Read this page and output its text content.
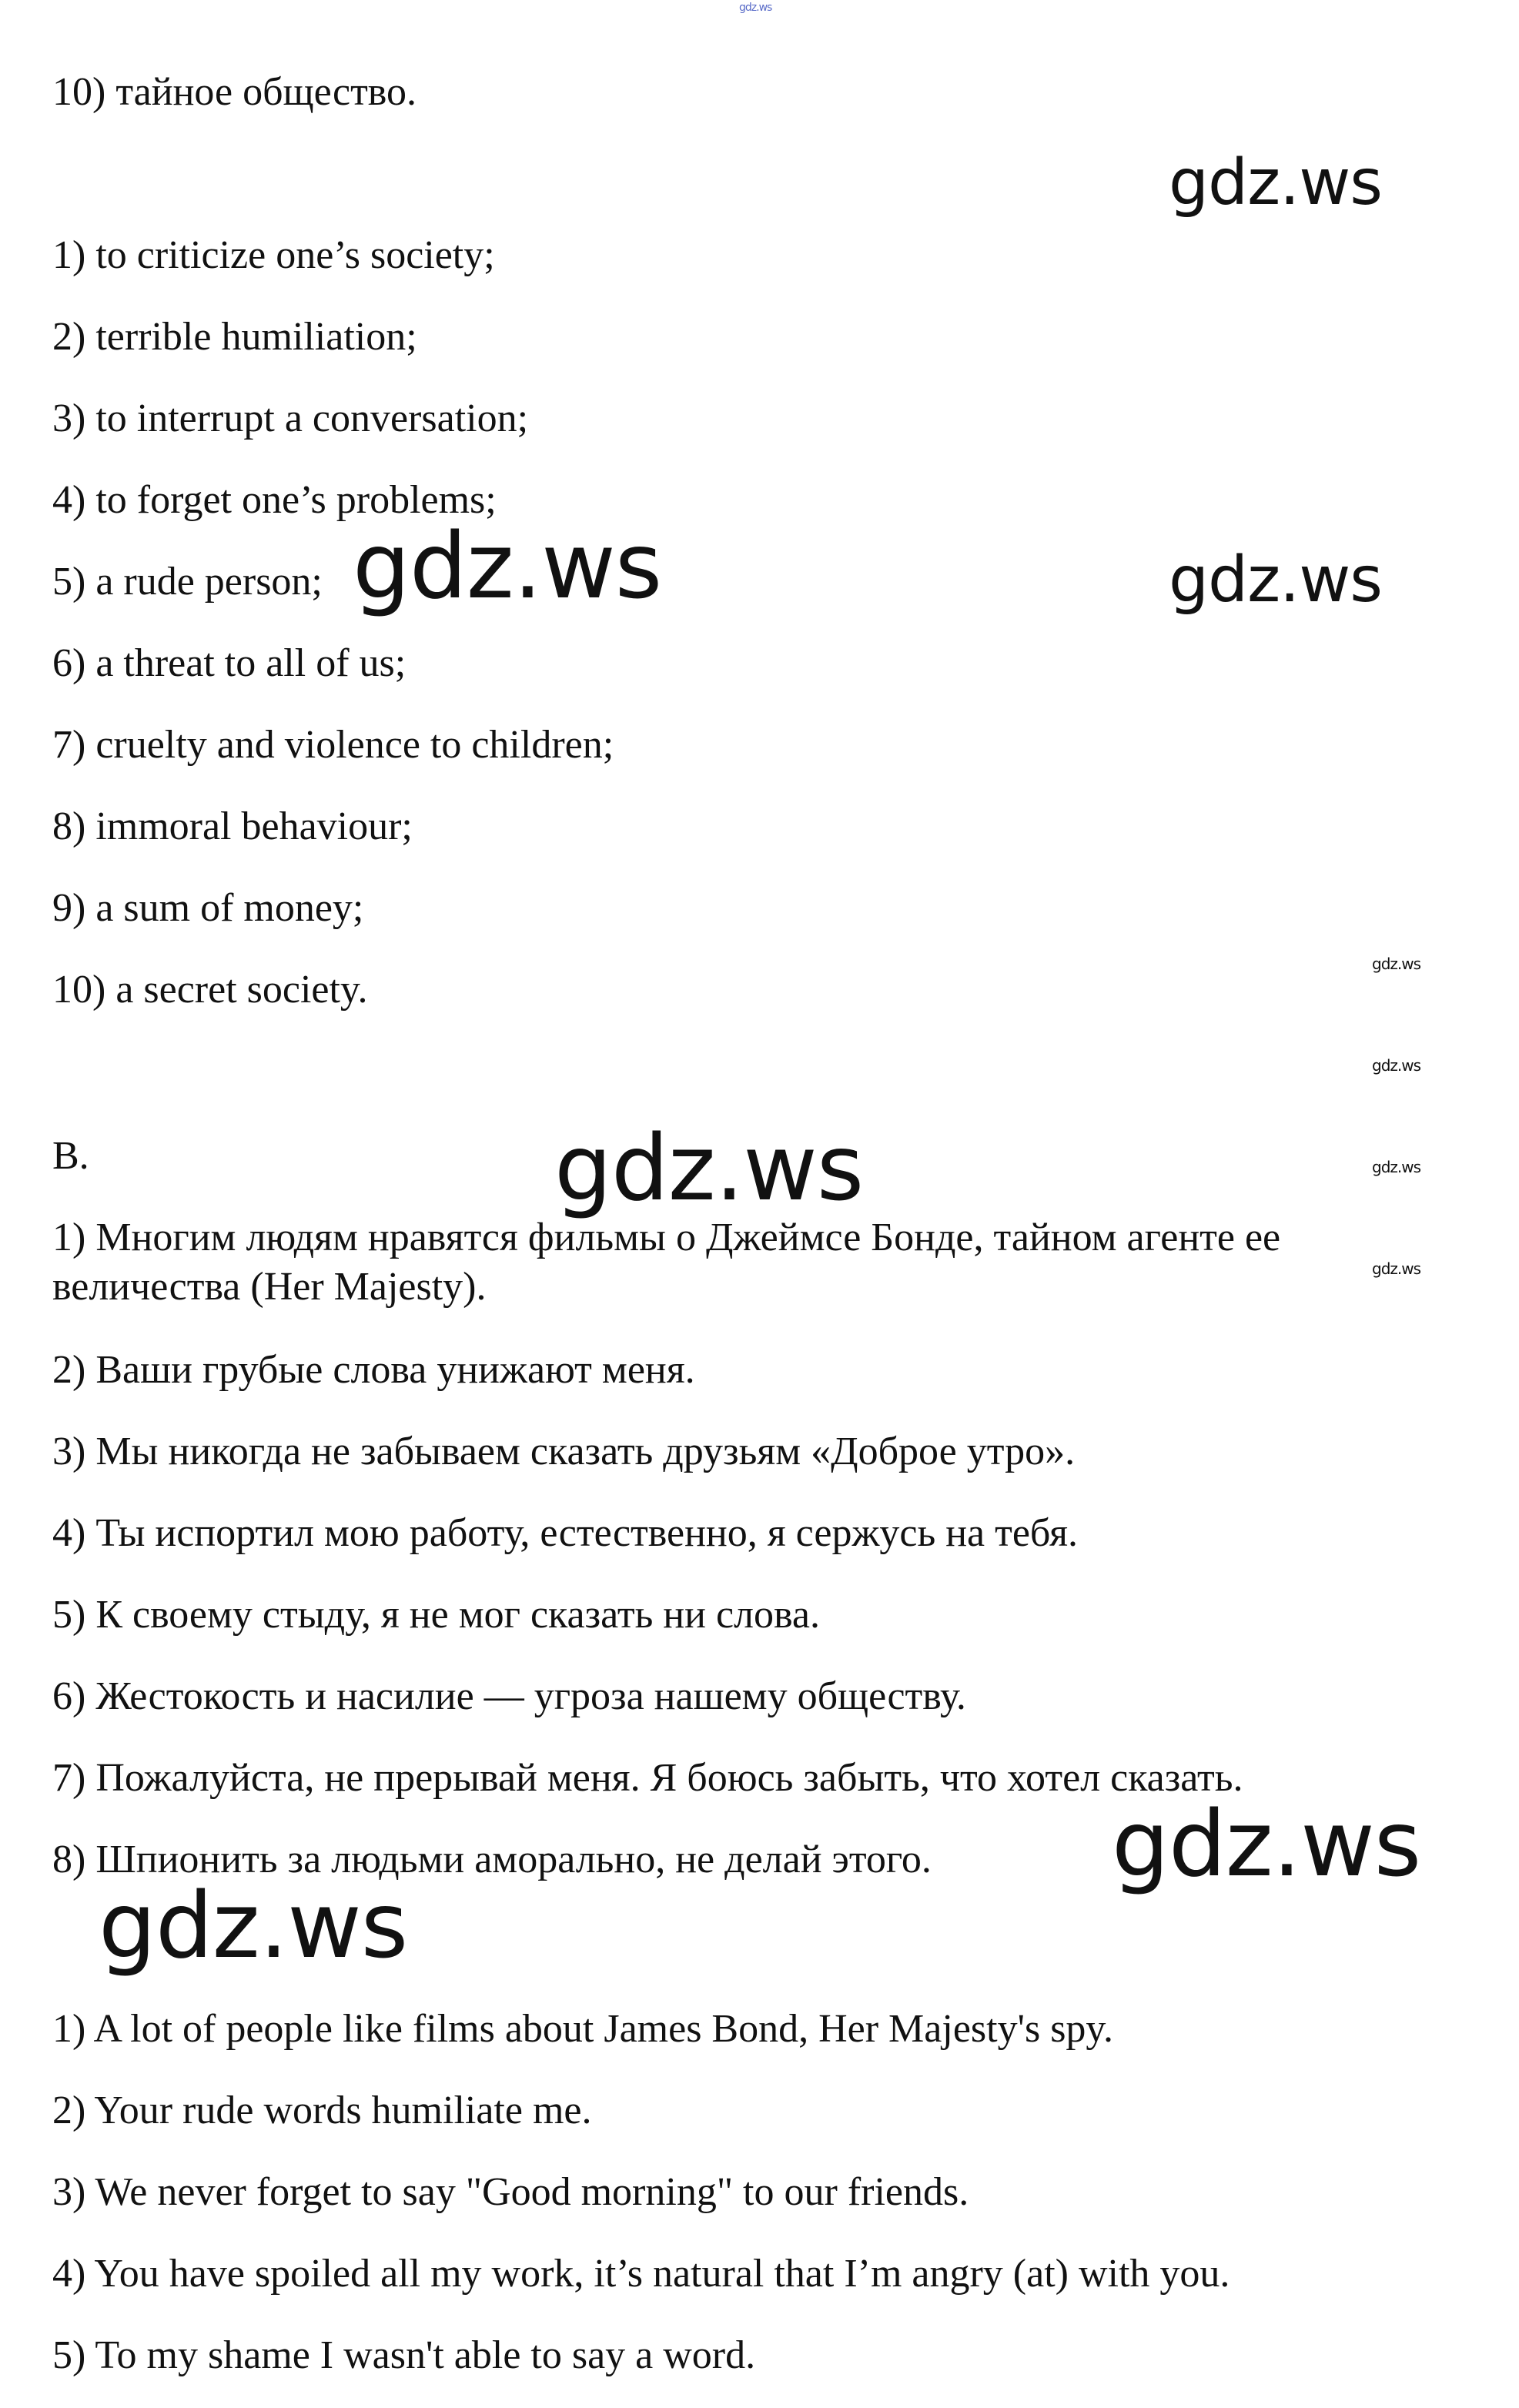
gdz.ws
10) тайное общество.
1) to criticize one’s society;
2) terrible humiliation;
3) to interrupt a conversation;
4) to forget one’s problems;
5) a rude person;
6) a threat to all of us;
7) cruelty and violence to children;
8) immoral behaviour;
9) a sum of money;
10) a secret society.
B.
1) Многим людям нравятся фильмы о Джеймсе Бонде, тайном агенте ее величества (Her Majesty).
2) Ваши грубые слова унижают меня.
3) Мы никогда не забываем сказать друзьям «Доброе утро».
4) Ты испортил мою работу, естественно, я сержусь на тебя.
5) К своему стыду, я не мог сказать ни слова.
6) Жестокость и насилие — угроза нашему обществу.
7) Пожалуйста, не прерывай меня. Я боюсь забыть, что хотел сказать.
8) Шпионить за людьми аморально, не делай этого.
1) A lot of people like films about James Bond, Her Majesty's spy.
2) Your rude words humiliate me.
3) We never forget to say "Good morning" to our friends.
4) You have spoiled all my work, it’s natural that I’m angry (at) with you.
5) To my shame I wasn't able to say a word.
gdz.ws
gdz.ws	gdz.ws
gdz.ws
gdz.ws
gdz.ws	gdz.ws
gdz.ws
gdz.ws
gdz.ws
